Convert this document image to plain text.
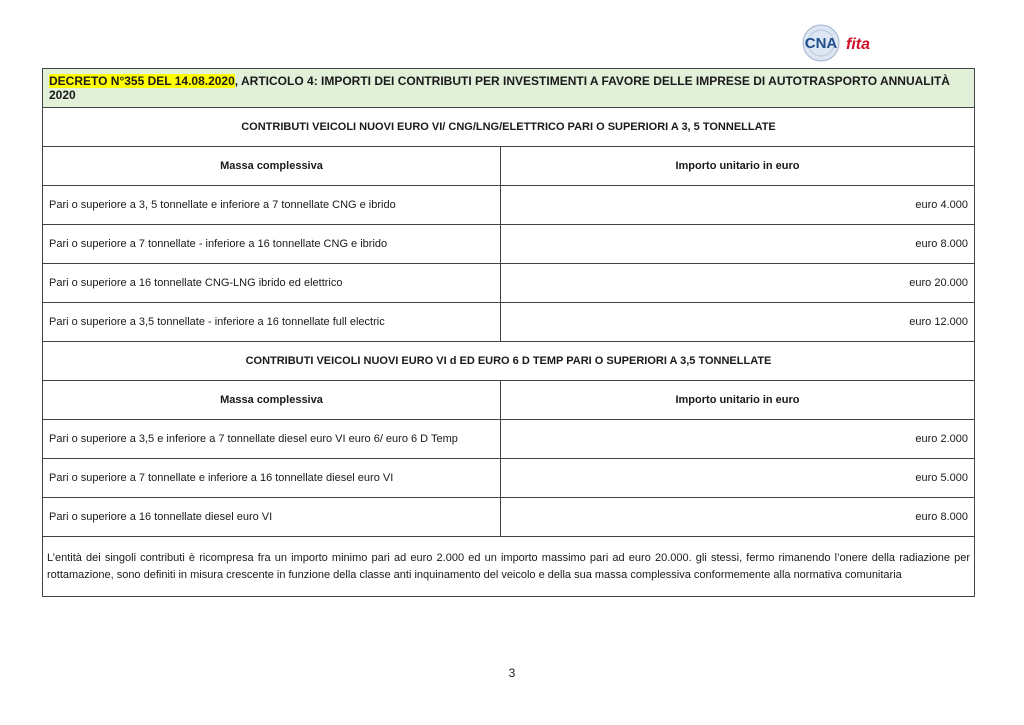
CNA fita
DECRETO N°355 DEL 14.08.2020, ARTICOLO 4: IMPORTI DEI CONTRIBUTI PER INVESTIMENTI A FAVORE DELLE IMPRESE DI AUTOTRASPORTO ANNUALITÀ 2020	
CONTRIBUTI VEICOLI NUOVI EURO VI/ CNG/LNG/ELETTRICO PARI O SUPERIORI A 3, 5 TONNELLATE	
Massa complessiva	Importo unitario in euro
Pari o superiore a 3, 5 tonnellate e inferiore a 7 tonnellate CNG e ibrido	euro 4.000
Pari o superiore a 7 tonnellate - inferiore a 16 tonnellate CNG e ibrido	euro 8.000
Pari o superiore a 16 tonnellate CNG-LNG ibrido ed elettrico	euro 20.000
Pari o superiore a 3,5 tonnellate - inferiore a 16 tonnellate full electric	euro 12.000
CONTRIBUTI VEICOLI NUOVI EURO VI d ED EURO 6 D TEMP PARI O SUPERIORI A 3,5 TONNELLATE	
Massa complessiva	Importo unitario in euro
Pari o superiore a 3,5 e inferiore a 7 tonnellate diesel euro VI euro 6/ euro 6 D Temp	euro 2.000
Pari o superiore a 7 tonnellate e inferiore a 16 tonnellate diesel euro VI	euro 5.000
Pari o superiore a 16 tonnellate diesel euro VI	euro 8.000
L’entità dei singoli contributi è ricompresa fra un importo minimo pari ad euro 2.000 ed un importo massimo pari ad euro 20.000. gli stessi, fermo rimanendo l’onere della radiazione per rottamazione, sono definiti in misura crescente in funzione della classe anti inquinamento del veicolo e della sua massa complessiva conformemente alla normativa comunitaria	
3
